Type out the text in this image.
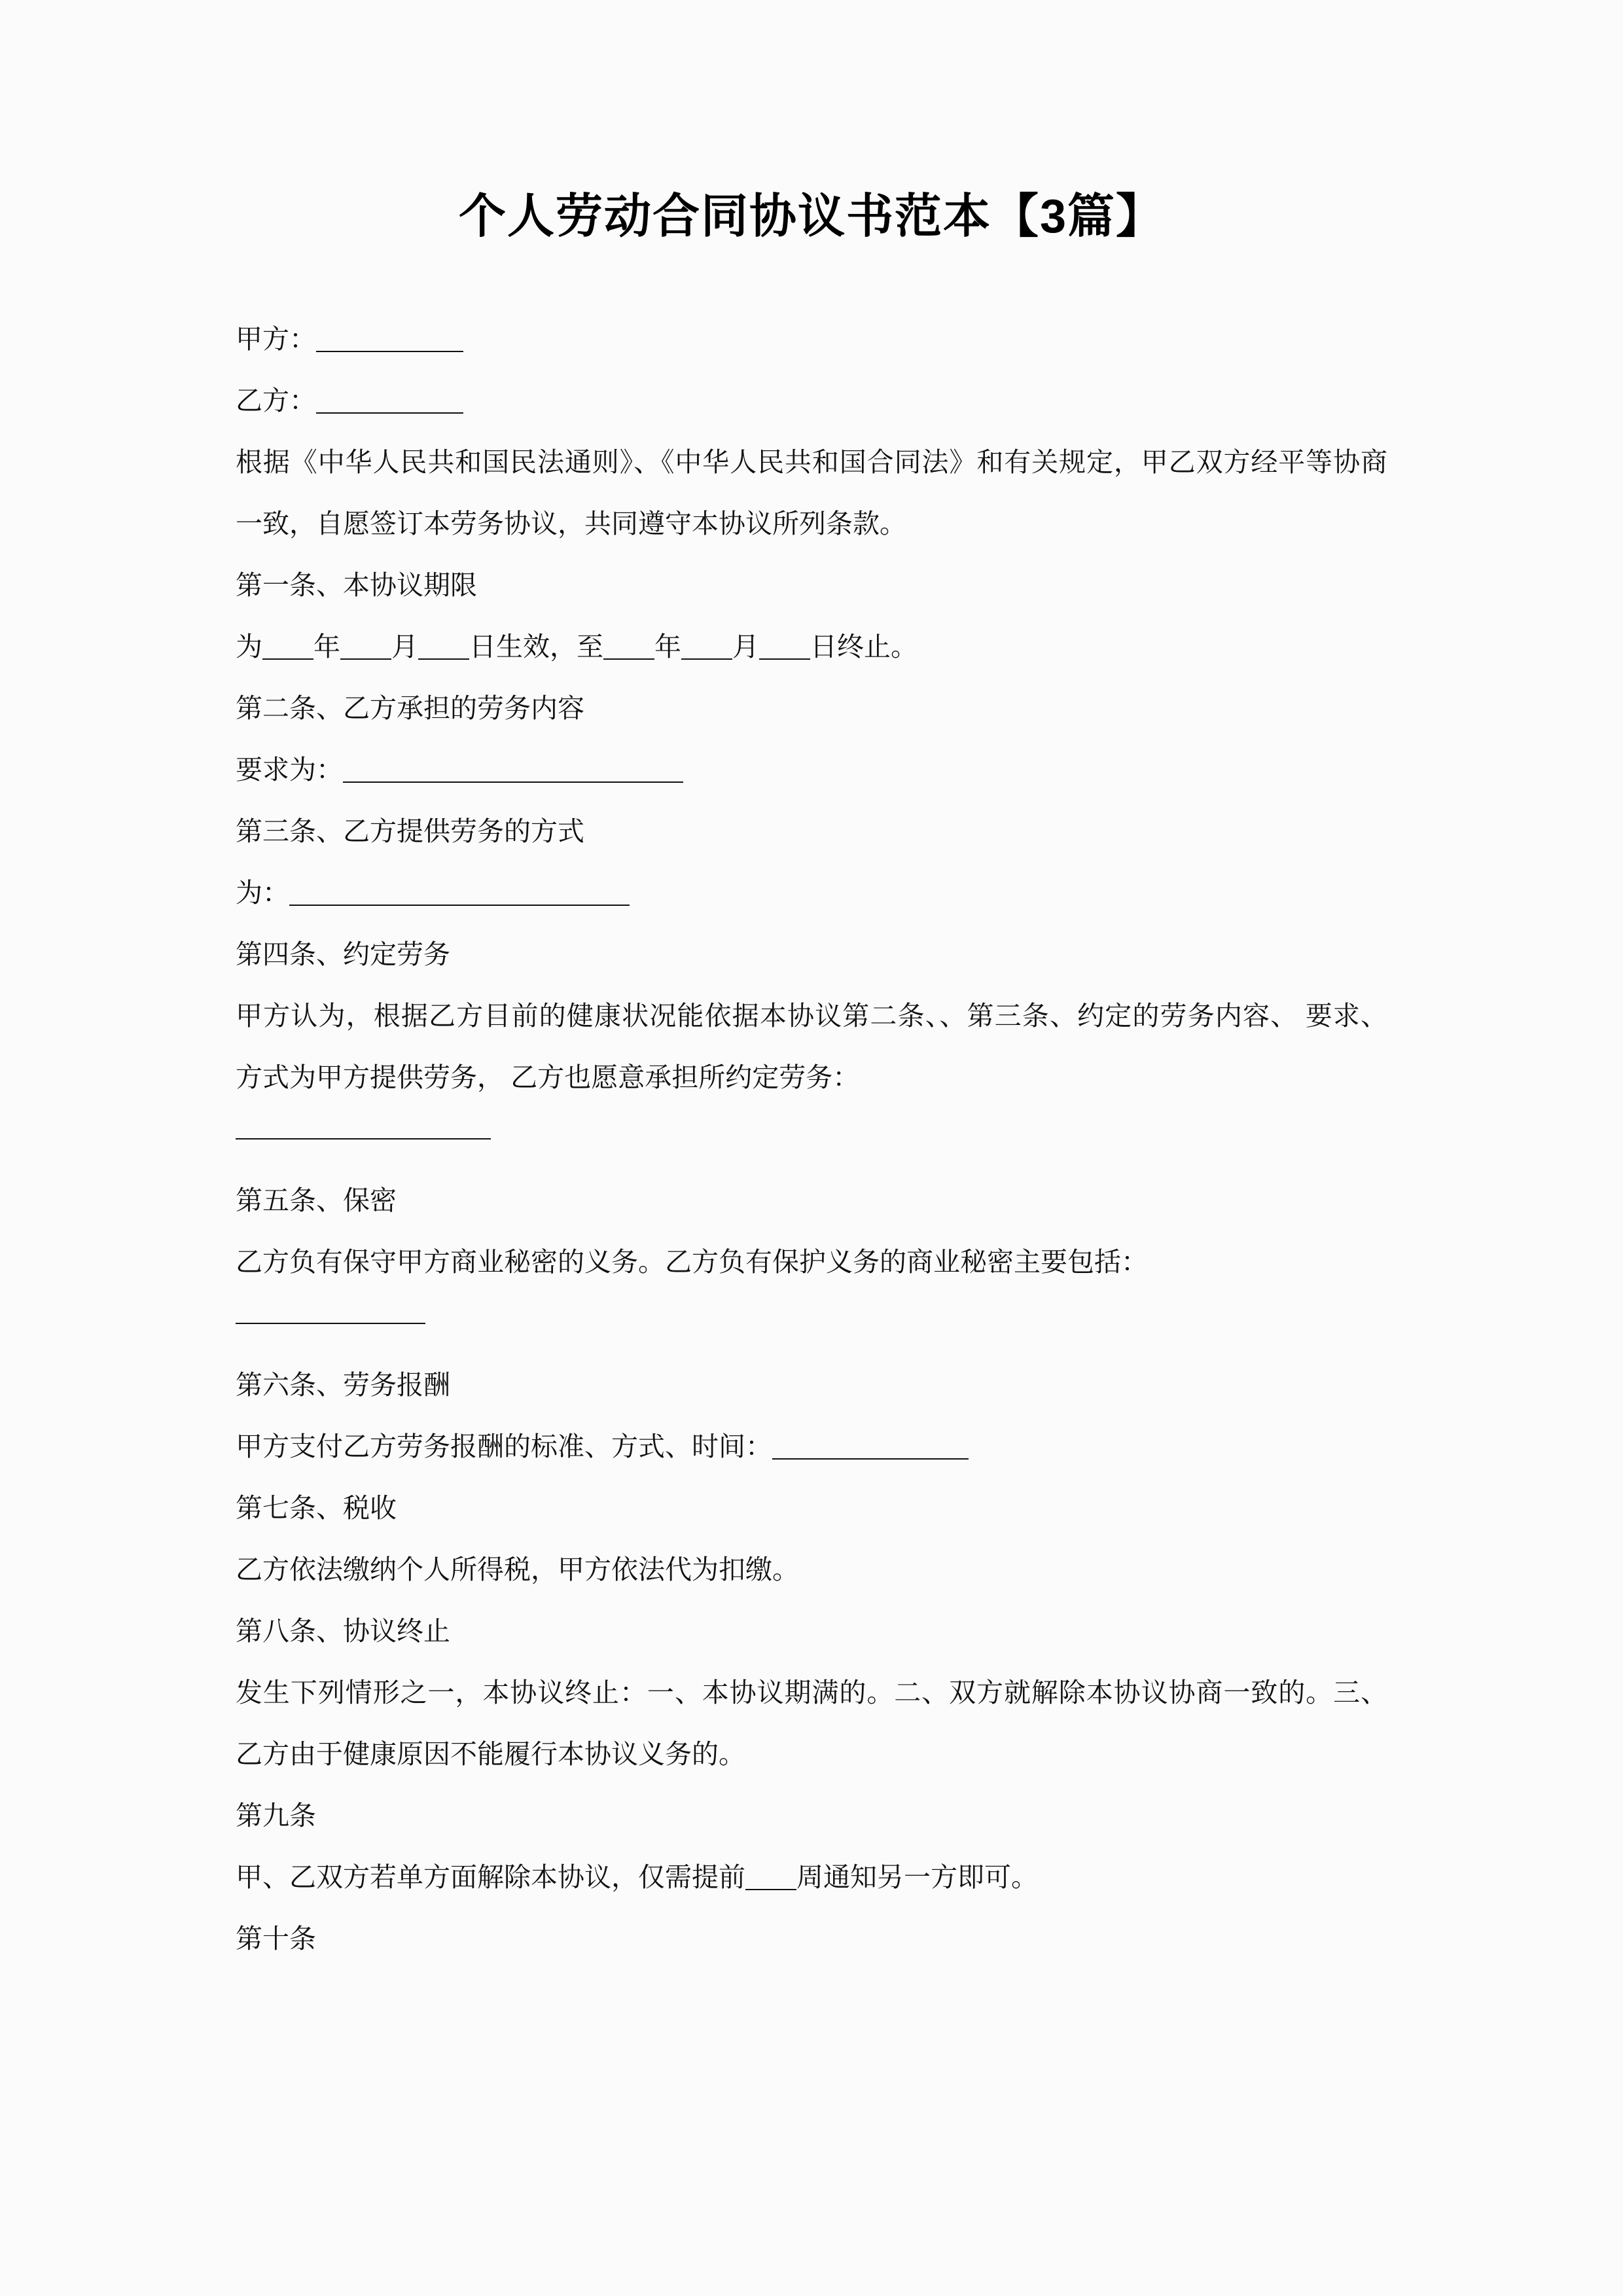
个人劳动合同协议书范本【3篇】

甲方：

乙方：

根据《中华人民共和国民法通则》、《中华人民共和国合同法》和有关规定，甲乙双方经平等协商一致，自愿签订本劳务协议，共同遵守本协议所列条款。

第一条、本协议期限

为 年 月 日生效，至 年 月 日终止。

第二条、乙方承担的劳务内容

要求为：

第三条、乙方提供劳务的方式

为：

第四条、约定劳务

甲方认为，根据乙方目前的健康状况能依据本协议第二条、、第三条、约定的劳务内容、 要求、 方式为甲方提供劳务， 乙方也愿意承担所约定劳务：

第五条、保密

乙方负有保守甲方商业秘密的义务。乙方负有保护义务的商业秘密主要包括：

第六条、劳务报酬

甲方支付乙方劳务报酬的标准、方式、时间：

第七条、税收

乙方依法缴纳个人所得税，甲方依法代为扣缴。

第八条、协议终止

发生下列情形之一，本协议终止：一、本协议期满的。二、双方就解除本协议协商一致的。三、乙方由于健康原因不能履行本协议义务的。

第九条

甲、乙双方若单方面解除本协议，仅需提前 周通知另一方即可。

第十条
